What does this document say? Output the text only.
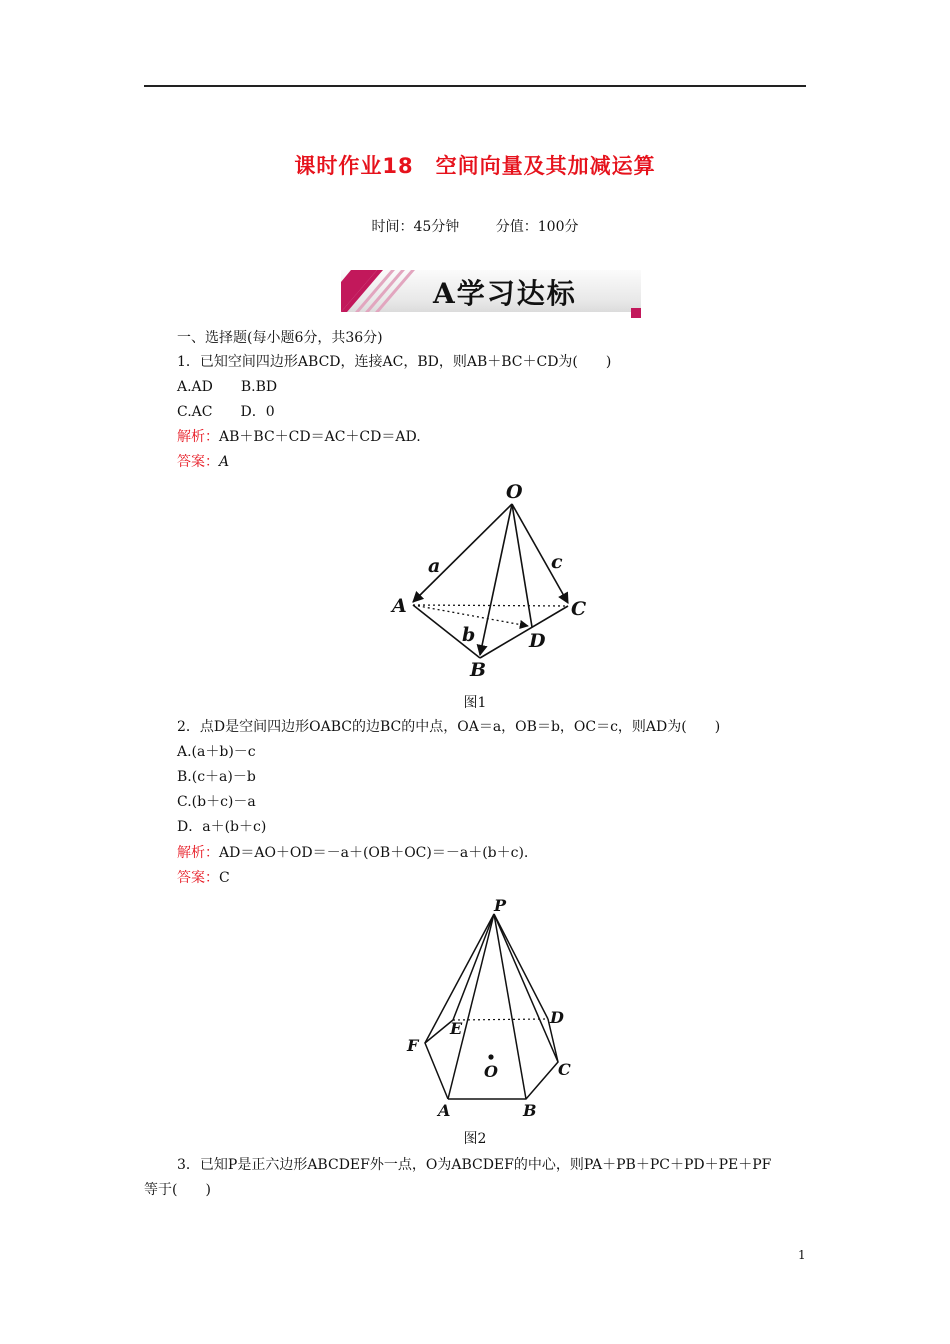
课时作业18　空间向量及其加减运算
时间：45分钟	分值：100分
A学习达标
一、选择题(每小题6分，共36分)
1．已知空间四边形ABCD，连接AC，BD，则AB＋BC＋CD为(　　)
A.AD　　B.BD
C.AC　　D．0
解析：AB＋BC＋CD＝AC＋CD＝AD.
答案：A
O
A
B
C
D
a
b
c
图1
2．点D是空间四边形OABC的边BC的中点，OA＝a，OB＝b，OC＝c，则AD为(　　)
A.(a＋b)－c
B.(c＋a)－b
C.(b＋c)－a
D．a＋(b＋c)
解析：AD＝AO＋OD＝－a＋(OB＋OC)＝－a＋(b＋c).
答案：C
P
A	B
C
D
E
F
O
图2
3．已知P是正六边形ABCDEF外一点，O为ABCDEF的中心，则PA＋PB＋PC＋PD＋PE＋PF
等于(　　)
1
